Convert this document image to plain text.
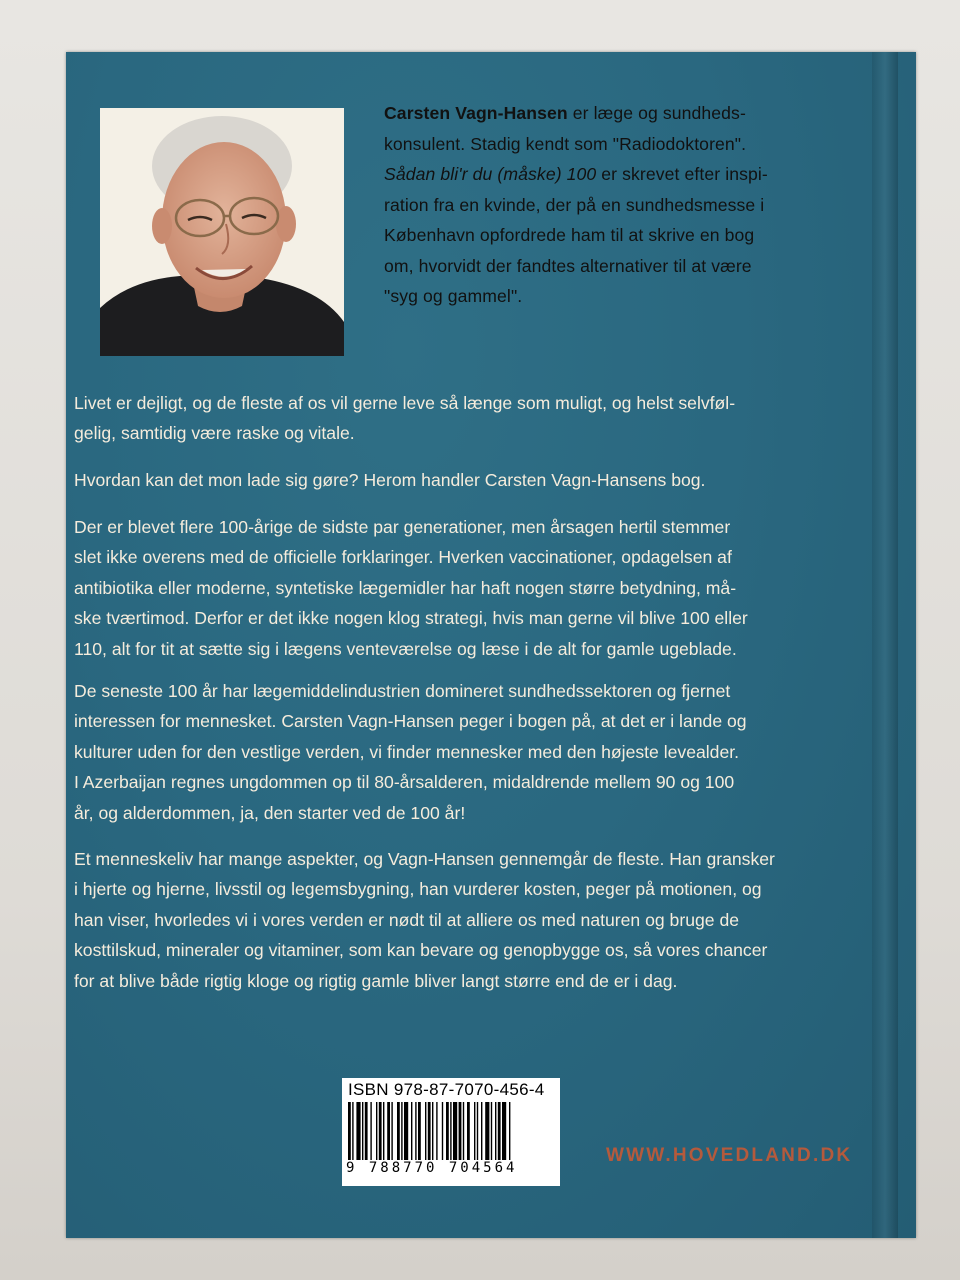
Carsten Vagn-Hansen er læge og sundheds-
konsulent. Stadig kendt som "Radiodoktoren".
Sådan bli'r du (måske) 100 er skrevet efter inspi-
ration fra en kvinde, der på en sundhedsmesse i
København opfordrede ham til at skrive en bog
om, hvorvidt der fandtes alternativer til at være
"syg og gammel".
Livet er dejligt, og de fleste af os vil gerne leve så længe som muligt, og helst selvføl-
gelig, samtidig være raske og vitale.
Hvordan kan det mon lade sig gøre? Herom handler Carsten Vagn-Hansens bog.
Der er blevet flere 100-årige de sidste par generationer, men årsagen hertil stemmer
slet ikke overens med de officielle forklaringer. Hverken vaccinationer, opdagelsen af
antibiotika eller moderne, syntetiske lægemidler har haft nogen større betydning, må-
ske tværtimod. Derfor er det ikke nogen klog strategi, hvis man gerne vil blive 100 eller
110, alt for tit at sætte sig i lægens venteværelse og læse i de alt for gamle ugeblade.
De seneste 100 år har lægemiddelindustrien domineret sundhedssektoren og fjernet
interessen for mennesket. Carsten Vagn-Hansen peger i bogen på, at det er i lande og
kulturer uden for den vestlige verden, vi finder mennesker med den højeste levealder.
I Azerbaijan regnes ungdommen op til 80-årsalderen, midaldrende mellem 90 og 100
år, og alderdommen, ja, den starter ved de 100 år!
Et menneskeliv har mange aspekter, og Vagn-Hansen gennemgår de fleste. Han gransker
i hjerte og hjerne, livsstil og legemsbygning, han vurderer kosten, peger på motionen, og
han viser, hvorledes vi i vores verden er nødt til at alliere os med naturen og bruge de
kosttilskud, mineraler og vitaminer, som kan bevare og genopbygge os, så vores chancer
for at blive både rigtig kloge og rigtig gamle bliver langt større end de er i dag.
ISBN 978-87-7070-456-4
9 788770 704564
WWW.HOVEDLAND.DK
